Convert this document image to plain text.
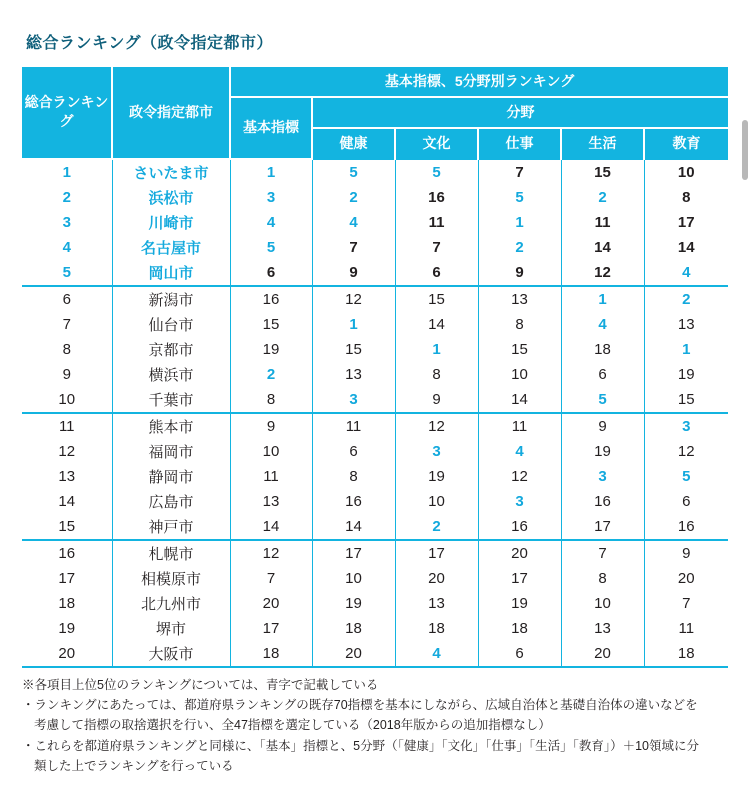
総合ランキング（政令指定都市）
総合ランキング	政令指定都市	基本指標、5分野別ランキング					
		基本指標	分野				
			健康	文化	仕事	生活	教育
1	さいたま市	1	5	5	7	15	10
2	浜松市	3	2	16	5	2	8
3	川崎市	4	4	11	1	11	17
4	名古屋市	5	7	7	2	14	14
5	岡山市	6	9	6	9	12	4
6	新潟市	16	12	15	13	1	2
7	仙台市	15	1	14	8	4	13
8	京都市	19	15	1	15	18	1
9	横浜市	2	13	8	10	6	19
10	千葉市	8	3	9	14	5	15
11	熊本市	9	11	12	11	9	3
12	福岡市	10	6	3	4	19	12
13	静岡市	11	8	19	12	3	5
14	広島市	13	16	10	3	16	6
15	神戸市	14	14	2	16	17	16
16	札幌市	12	17	17	20	7	9
17	相模原市	7	10	20	17	8	20
18	北九州市	20	19	13	19	10	7
19	堺市	17	18	18	18	13	11
20	大阪市	18	20	4	6	20	18

※各項目上位5位のランキングについては、青字で記載している

・ランキングにあたっては、都道府県ランキングの既存70指標を基本にしながら、広域自治体と基礎自治体の違いなどを

考慮して指標の取捨選択を行い、全47指標を選定している（2018年版からの追加指標なし）

・これらを都道府県ランキングと同様に、「基本」指標と、5分野（「健康」「文化」「仕事」「生活」「教育」）＋10領域に分

類した上でランキングを行っている
